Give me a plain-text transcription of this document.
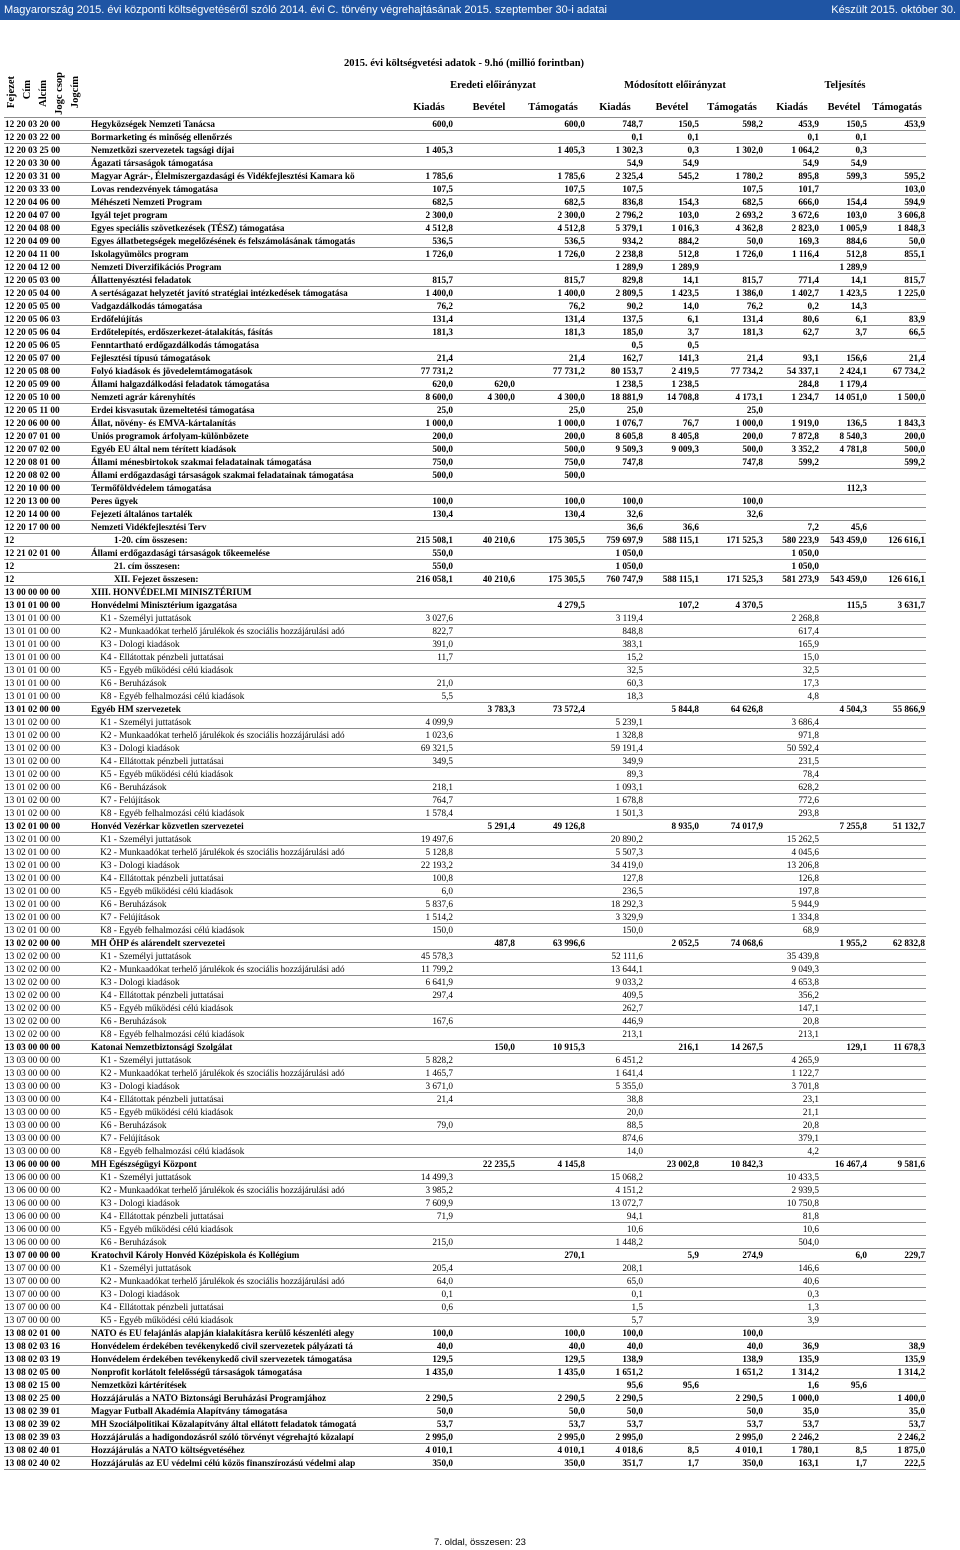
Magyarország 2015. évi központi költségvetéséről szóló 2014. évi C. törvény végrehajtásának 2015. szeptember 30-i adatai	Készült 2015. október 30.
2015. évi költségvetési adatok - 9.hó (millió forintban)
Fejezet Cím Alcím Jogc csop Jogcím	Eredeti előirányzat	Módosított előirányzat	Teljesítés
Kiadás	Bevétel	Támogatás	Kiadás	Bevétel	Támogatás	Kiadás	Bevétel	Támogatás
12 20 03 20 00	Hegyközségek Nemzeti Tanácsa	600,0		600,0	748,7	150,5	598,2	453,9	150,5	453,9
12 20 03 22 00	Bormarketing és minőség ellenőrzés				0,1	0,1		0,1	0,1	
12 20 03 25 00	Nemzetközi szervezetek tagsági díjai	1 405,3		1 405,3	1 302,3	0,3	1 302,0	1 064,2	0,3	
12 20 03 30 00	Ágazati társaságok támogatása				54,9	54,9		54,9	54,9	
12 20 03 31 00	Magyar Agrár-, Élelmiszergazdasági és Vidékfejlesztési Kamara kö	1 785,6		1 785,6	2 325,4	545,2	1 780,2	895,8	599,3	595,2
12 20 03 33 00	Lovas rendezvények támogatása	107,5		107,5	107,5		107,5	101,7		103,0
12 20 04 06 00	Méhészeti Nemzeti Program	682,5		682,5	836,8	154,3	682,5	666,0	154,4	594,9
12 20 04 07 00	Igyál tejet program	2 300,0		2 300,0	2 796,2	103,0	2 693,2	3 672,6	103,0	3 606,8
12 20 04 08 00	Egyes speciális szövetkezések (TÉSZ) támogatása	4 512,8		4 512,8	5 379,1	1 016,3	4 362,8	2 823,0	1 005,9	1 848,3
12 20 04 09 00	Egyes állatbetegségek megelőzésének és felszámolásának támogatás	536,5		536,5	934,2	884,2	50,0	169,3	884,6	50,0
12 20 04 11 00	Iskolagyümölcs program	1 726,0		1 726,0	2 238,8	512,8	1 726,0	1 116,4	512,8	855,1
12 20 04 12 00	Nemzeti Diverzifikációs Program				1 289,9	1 289,9			1 289,9	
12 20 05 03 00	Állattenyésztési feladatok	815,7		815,7	829,8	14,1	815,7	771,4	14,1	815,7
12 20 05 04 00	A sertéságazat helyzetét javító stratégiai intézkedések támogatása	1 400,0		1 400,0	2 809,5	1 423,5	1 386,0	1 402,7	1 423,5	1 225,0
12 20 05 05 00	Vadgazdálkodás támogatása	76,2		76,2	90,2	14,0	76,2	0,2	14,3	
12 20 05 06 03	Erdőfelújítás	131,4		131,4	137,5	6,1	131,4	80,6	6,1	83,9
12 20 05 06 04	Erdőtelepítés, erdőszerkezet-átalakítás, fásítás	181,3		181,3	185,0	3,7	181,3	62,7	3,7	66,5
12 20 05 06 05	Fenntartható erdőgazdálkodás támogatása				0,5	0,5				
12 20 05 07 00	Fejlesztési típusú támogatások	21,4		21,4	162,7	141,3	21,4	93,1	156,6	21,4
12 20 05 08 00	Folyó kiadások és jövedelemtámogatások	77 731,2		77 731,2	80 153,7	2 419,5	77 734,2	54 337,1	2 424,1	67 734,2
12 20 05 09 00	Állami halgazdálkodási feladatok támogatása	620,0	620,0		1 238,5	1 238,5		284,8	1 179,4	
12 20 05 10 00	Nemzeti agrár kárenyhítés	8 600,0	4 300,0	4 300,0	18 881,9	14 708,8	4 173,1	1 234,7	14 051,0	1 500,0
12 20 05 11 00	Erdei kisvasutak üzemeltetési támogatása	25,0		25,0	25,0		25,0			
12 20 06 00 00	Állat, növény- és EMVA-kártalanítás	1 000,0		1 000,0	1 076,7	76,7	1 000,0	1 919,0	136,5	1 843,3
12 20 07 01 00	Uniós programok árfolyam-különbözete	200,0		200,0	8 605,8	8 405,8	200,0	7 872,8	8 540,3	200,0
12 20 07 02 00	Egyéb EU által nem térített kiadások	500,0		500,0	9 509,3	9 009,3	500,0	3 352,2	4 781,8	500,0
12 20 08 01 00	Állami ménesbirtokok szakmai feladatainak támogatása	750,0		750,0	747,8		747,8	599,2		599,2
12 20 08 02 00	Állami erdőgazdasági társaságok szakmai feladatainak támogatása	500,0		500,0						
12 20 10 00 00	Termőföldvédelem támogatása								112,3	
12 20 13 00 00	Peres ügyek	100,0		100,0	100,0		100,0			
12 20 14 00 00	Fejezeti általános tartalék	130,4		130,4	32,6		32,6			
12 20 17 00 00	Nemzeti Vidékfejlesztési Terv				36,6	36,6		7,2	45,6	
12	1-20. cím összesen:	215 508,1	40 210,6	175 305,5	759 697,9	588 115,1	171 525,3	580 223,9	543 459,0	126 616,1
12 21 02 01 00	Állami erdőgazdasági társaságok tőkeemelése	550,0			1 050,0			1 050,0		
12	21. cím összesen:	550,0			1 050,0			1 050,0		
12	XII. Fejezet összesen:	216 058,1	40 210,6	175 305,5	760 747,9	588 115,1	171 525,3	581 273,9	543 459,0	126 616,1
13 00 00 00 00	XIII. HONVÉDELMI MINISZTÉRIUM									
13 01 01 00 00	Honvédelmi Minisztérium igazgatása			4 279,5		107,2	4 370,5		115,5	3 631,7
13 01 01 00 00	K1 - Személyi juttatások	3 027,6			3 119,4			2 268,8		
13 01 01 00 00	K2 - Munkaadókat terhelő járulékok és szociális hozzájárulási adó	822,7			848,8			617,4		
13 01 01 00 00	K3 - Dologi kiadások	391,0			383,1			165,9		
13 01 01 00 00	K4 - Ellátottak pénzbeli juttatásai	11,7			15,2			15,0		
13 01 01 00 00	K5 - Egyéb működési célú kiadások				32,5			32,5		
13 01 01 00 00	K6 - Beruházások	21,0			60,3			17,3		
13 01 01 00 00	K8 - Egyéb felhalmozási célú kiadások	5,5			18,3			4,8		
13 01 02 00 00	Egyéb HM szervezetek		3 783,3	73 572,4		5 844,8	64 626,8		4 504,3	55 866,9
13 01 02 00 00	K1 - Személyi juttatások	4 099,9			5 239,1			3 686,4		
13 01 02 00 00	K2 - Munkaadókat terhelő járulékok és szociális hozzájárulási adó	1 023,6			1 328,8			971,8		
13 01 02 00 00	K3 - Dologi kiadások	69 321,5			59 191,4			50 592,4		
13 01 02 00 00	K4 - Ellátottak pénzbeli juttatásai	349,5			349,9			231,5		
13 01 02 00 00	K5 - Egyéb működési célú kiadások				89,3			78,4		
13 01 02 00 00	K6 - Beruházások	218,1			1 093,1			628,2		
13 01 02 00 00	K7 - Felújítások	764,7			1 678,8			772,6		
13 01 02 00 00	K8 - Egyéb felhalmozási célú kiadások	1 578,4			1 501,3			293,8		
13 02 01 00 00	Honvéd Vezérkar közvetlen szervezetei		5 291,4	49 126,8		8 935,0	74 017,9		7 255,8	51 132,7
13 02 01 00 00	K1 - Személyi juttatások	19 497,6			20 890,2			15 262,5		
13 02 01 00 00	K2 - Munkaadókat terhelő járulékok és szociális hozzájárulási adó	5 128,8			5 507,3			4 045,6		
13 02 01 00 00	K3 - Dologi kiadások	22 193,2			34 419,0			13 206,8		
13 02 01 00 00	K4 - Ellátottak pénzbeli juttatásai	100,8			127,8			126,8		
13 02 01 00 00	K5 - Egyéb működési célú kiadások	6,0			236,5			197,8		
13 02 01 00 00	K6 - Beruházások	5 837,6			18 292,3			5 944,9		
13 02 01 00 00	K7 - Felújítások	1 514,2			3 329,9			1 334,8		
13 02 01 00 00	K8 - Egyéb felhalmozási célú kiadások	150,0			150,0			68,9		
13 02 02 00 00	MH ÖHP és alárendelt szervezetei		487,8	63 996,6		2 052,5	74 068,6		1 955,2	62 832,8
13 02 02 00 00	K1 - Személyi juttatások	45 578,3			52 111,6			35 439,8		
13 02 02 00 00	K2 - Munkaadókat terhelő járulékok és szociális hozzájárulási adó	11 799,2			13 644,1			9 049,3		
13 02 02 00 00	K3 - Dologi kiadások	6 641,9			9 033,2			4 653,8		
13 02 02 00 00	K4 - Ellátottak pénzbeli juttatásai	297,4			409,5			356,2		
13 02 02 00 00	K5 - Egyéb működési célú kiadások				262,7			147,1		
13 02 02 00 00	K6 - Beruházások	167,6			446,9			20,8		
13 02 02 00 00	K8 - Egyéb felhalmozási célú kiadások				213,1			213,1		
13 03 00 00 00	Katonai Nemzetbiztonsági Szolgálat		150,0	10 915,3		216,1	14 267,5		129,1	11 678,3
13 03 00 00 00	K1 - Személyi juttatások	5 828,2			6 451,2			4 265,9		
13 03 00 00 00	K2 - Munkaadókat terhelő járulékok és szociális hozzájárulási adó	1 465,7			1 641,4			1 122,7		
13 03 00 00 00	K3 - Dologi kiadások	3 671,0			5 355,0			3 701,8		
13 03 00 00 00	K4 - Ellátottak pénzbeli juttatásai	21,4			38,8			23,1		
13 03 00 00 00	K5 - Egyéb működési célú kiadások				20,0			21,1		
13 03 00 00 00	K6 - Beruházások	79,0			88,5			20,8		
13 03 00 00 00	K7 - Felújítások				874,6			379,1		
13 03 00 00 00	K8 - Egyéb felhalmozási célú kiadások				14,0			4,2		
13 06 00 00 00	MH Egészségügyi Központ		22 235,5	4 145,8		23 002,8	10 842,3		16 467,4	9 581,6
13 06 00 00 00	K1 - Személyi juttatások	14 499,3			15 068,2			10 433,5		
13 06 00 00 00	K2 - Munkaadókat terhelő járulékok és szociális hozzájárulási adó	3 985,2			4 151,2			2 939,5		
13 06 00 00 00	K3 - Dologi kiadások	7 609,9			13 072,7			10 750,8		
13 06 00 00 00	K4 - Ellátottak pénzbeli juttatásai	71,9			94,1			81,8		
13 06 00 00 00	K5 - Egyéb működési célú kiadások				10,6			10,6		
13 06 00 00 00	K6 - Beruházások	215,0			1 448,2			504,0		
13 07 00 00 00	Kratochvil Károly Honvéd Középiskola és Kollégium			270,1		5,9	274,9		6,0	229,7
13 07 00 00 00	K1 - Személyi juttatások	205,4			208,1			146,6		
13 07 00 00 00	K2 - Munkaadókat terhelő járulékok és szociális hozzájárulási adó	64,0			65,0			40,6		
13 07 00 00 00	K3 - Dologi kiadások	0,1			0,1			0,3		
13 07 00 00 00	K4 - Ellátottak pénzbeli juttatásai	0,6			1,5			1,3		
13 07 00 00 00	K5 - Egyéb működési célú kiadások				5,7			3,9		
13 08 02 01 00	NATO és EU felajánlás alapján kialakításra kerülő készenléti alegy	100,0		100,0	100,0		100,0			
13 08 02 03 16	Honvédelem érdekében tevékenykedő civil szervezetek pályázati tá	40,0		40,0	40,0		40,0	36,9		38,9
13 08 02 03 19	Honvédelem érdekében tevékenykedő civil szervezetek támogatása	129,5		129,5	138,9		138,9	135,9		135,9
13 08 02 05 00	Nonprofit korlátolt felelősségű társaságok támogatása	1 435,0		1 435,0	1 651,2		1 651,2	1 314,2		1 314,2
13 08 02 15 00	Nemzetközi kártérítések				95,6	95,6		1,6	95,6	
13 08 02 25 00	Hozzájárulás a NATO Biztonsági Beruházási Programjához	2 290,5		2 290,5	2 290,5		2 290,5	1 000,0		1 400,0
13 08 02 39 01	Magyar Futball Akadémia Alapítvány támogatása	50,0		50,0	50,0		50,0	35,0		35,0
13 08 02 39 02	MH Szociálpolitikai Közalapítvány által ellátott feladatok támogatá	53,7		53,7	53,7		53,7	53,7		53,7
13 08 02 39 03	Hozzájárulás a hadigondozásról szóló törvényt végrehajtó közalapí	2 995,0		2 995,0	2 995,0		2 995,0	2 246,2		2 246,2
13 08 02 40 01	Hozzájárulás a NATO költségvetéséhez	4 010,1		4 010,1	4 018,6	8,5	4 010,1	1 780,1	8,5	1 875,0
13 08 02 40 02	Hozzájárulás az EU védelmi célú közös finanszírozású védelmi alap	350,0		350,0	351,7	1,7	350,0	163,1	1,7	222,5
7. oldal, összesen: 23
